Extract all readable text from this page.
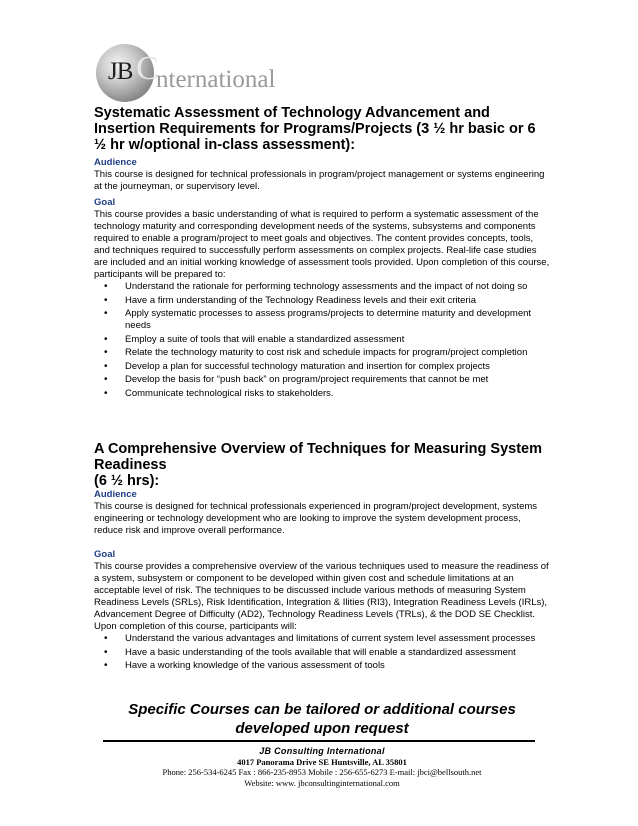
JB C
nternational
Systematic Assessment of Technology Advancement and Insertion Requirements for Programs/Projects (3 ½ hr basic or 6 ½ hr w/optional in-class assessment):
Audience

This course is designed for technical professionals in program/project management or systems engineering at the journeyman, or supervisory level.

Goal

This course provides a basic understanding of what is required to perform a systematic assessment of the technology maturity and corresponding development needs of the systems, subsystems and components required to enable a program/project to meet goals and objectives. The content provides concepts, tools, and techniques required to successfully perform assessments on complex projects. Real-life case studies are included and an initial working knowledge of assessment tools provided. Upon completion of this course, participants will be prepared to:

• Understand the rationale for performing technology assessments and the impact of not doing so
• Have a firm understanding of the Technology Readiness levels and their exit criteria
• Apply systematic processes to assess programs/projects to determine maturity and development needs
• Employ a suite of tools that will enable a standardized assessment
• Relate the technology maturity to cost risk and schedule impacts for program/project completion
• Develop a plan for successful technology maturation and insertion for complex projects
• Develop the basis for “push back” on program/project requirements that cannot be met
• Communicate technological risks to stakeholders.
A Comprehensive Overview of Techniques for Measuring System Readiness
(6 ½ hrs):
Audience

This course is designed for technical professionals experienced in program/project development, systems engineering or technology development who are looking to improve the system development process, reduce risk and improve overall performance.

Goal

This course provides a comprehensive overview of the various techniques used to measure the readiness of a system, subsystem or component to be developed within given cost and schedule limitations at an acceptable level of risk. The techniques to be discussed include various methods of measuring System Readiness Levels (SRLs), Risk Identification, Integration & Ilities (RI3), Integration Readiness Levels (IRLs), Advancement Degree of Difficulty (AD2), Technology Readiness Levels (TRLs), & the DOD SE Checklist. Upon completion of this course, participants will:

• Understand the various advantages and limitations of current system level assessment processes
• Have a basic understanding of the tools available that will enable a standardized assessment
• Have a working knowledge of the various assessment of tools
Specific Courses can be tailored or additional courses
developed upon request
JB Consulting International
4017 Panorama Drive SE Huntsville, AL 35801
Phone: 256-534-6245 Fax : 866-235-8953 Mobile : 256-655-6273 E-mail: jbci@bellsouth.net
Website: www. jbconsultinginternational.com
